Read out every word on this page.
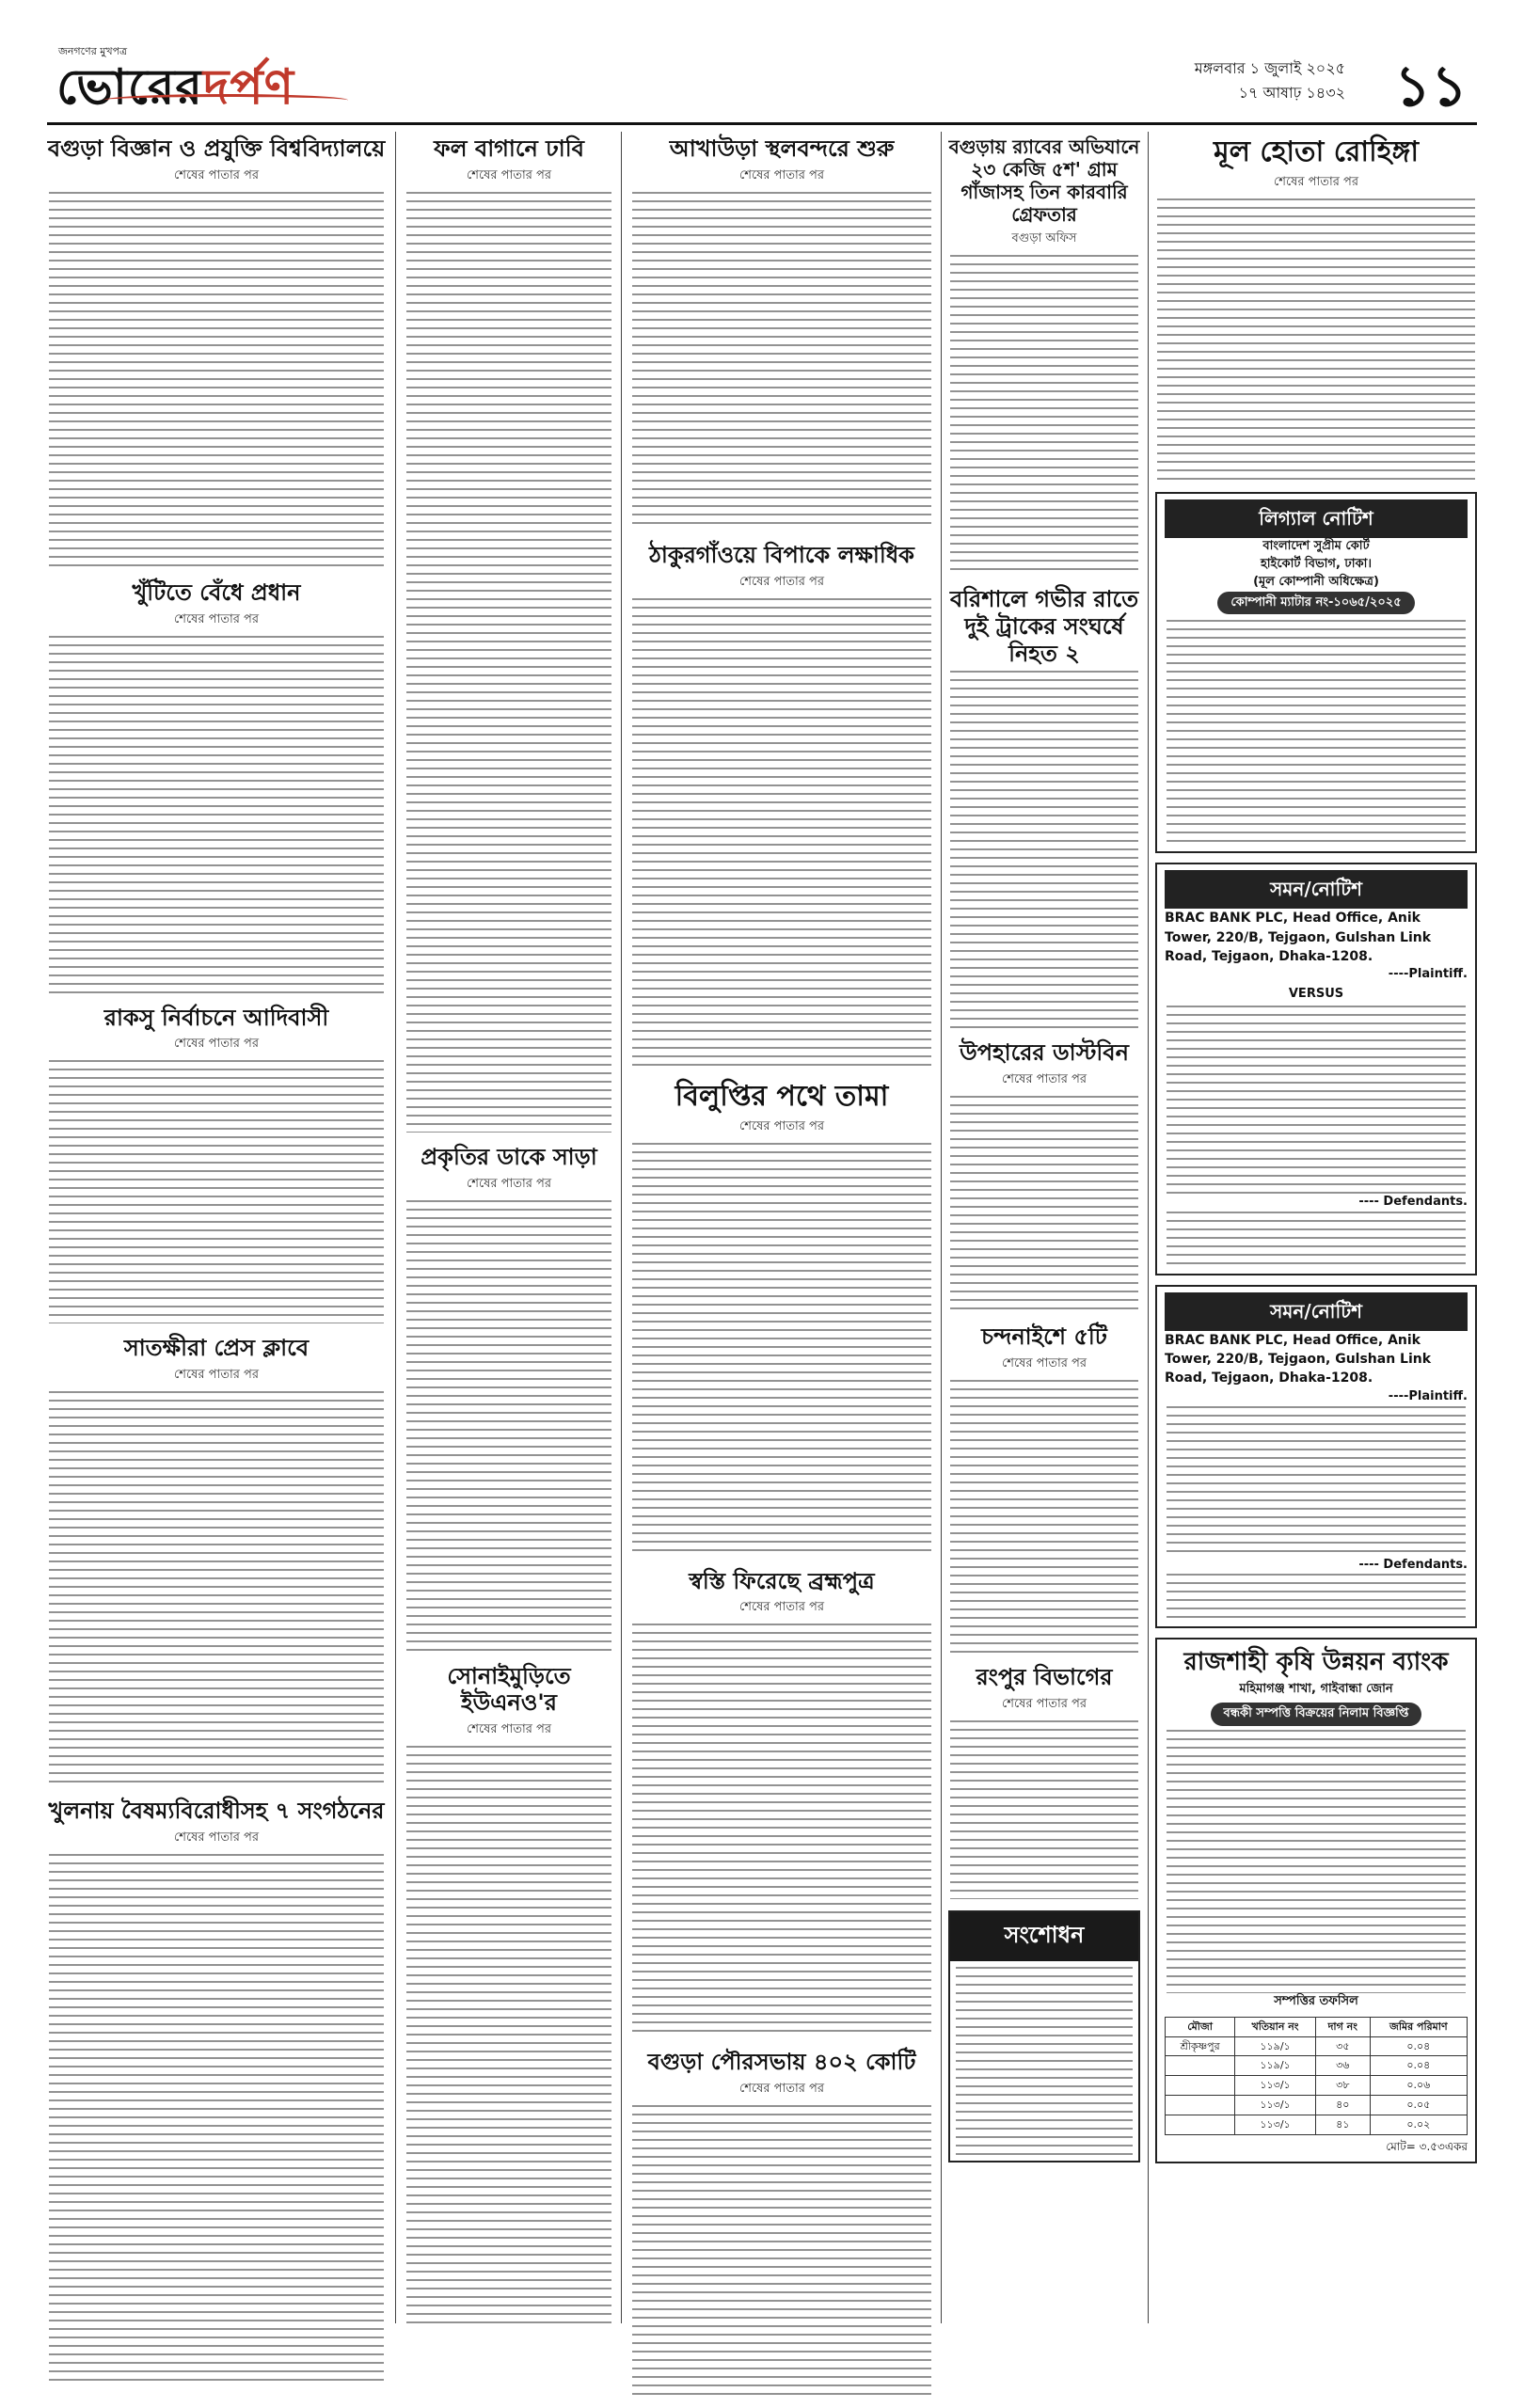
জনগণের মুখপত্র
ভোরেরদর্পণ	মঙ্গলবার ১ জুলাই ২০২৫
১৭ আষাঢ় ১৪৩২ ১১
বগুড়া বিজ্ঞান ও প্রযুক্তি বিশ্ববিদ্যালয়ে
শেষের পাতার পর
খুঁটিতে বেঁধে প্রধান
শেষের পাতার পর
রাকসু নির্বাচনে আদিবাসী
শেষের পাতার পর
সাতক্ষীরা প্রেস ক্লাবে
শেষের পাতার পর
খুলনায় বৈষম্যবিরোধীসহ ৭ সংগঠনের
শেষের পাতার পর
ফল বাগানে ঢাবি
শেষের পাতার পর
প্রকৃতির ডাকে সাড়া
শেষের পাতার পর
সোনাইমুড়িতে ইউএনও'র
শেষের পাতার পর
আখাউড়া স্থলবন্দরে শুরু
শেষের পাতার পর
ঠাকুরগাঁওয়ে বিপাকে লক্ষাধিক
শেষের পাতার পর
বিলুপ্তির পথে তামা
শেষের পাতার পর
স্বস্তি ফিরেছে ব্রহ্মপুত্র
শেষের পাতার পর
বগুড়া পৌরসভায় ৪০২ কোটি
শেষের পাতার পর
বগুড়ায় র‍্যাবের অভিযানে ২৩ কেজি ৫শ' গ্রাম গাঁজাসহ তিন কারবারি গ্রেফতার
বগুড়া অফিস
বরিশালে গভীর রাতে দুই ট্রাকের সংঘর্ষে নিহত ২
উপহারের ডাস্টবিন
শেষের পাতার পর
চন্দনাইশে ৫টি
শেষের পাতার পর
রংপুর বিভাগের
শেষের পাতার পর
সংশোধন
মূল হোতা রোহিঙ্গা
শেষের পাতার পর
লিগ্যাল নোটিশ
বাংলাদেশ সুপ্রীম কোর্ট
হাইকোর্ট বিভাগ, ঢাকা।
(মূল কোম্পানী অধিক্ষেত্র)
কোম্পানী ম্যাটার নং-১০৬৫/২০২৫
সমন/নোটিশ
BRAC BANK PLC, Head Office, Anik Tower, 220/B, Tejgaon, Gulshan Link Road, Tejgaon, Dhaka-1208.
----Plaintiff.
VERSUS
---- Defendants.
সমন/নোটিশ
BRAC BANK PLC, Head Office, Anik Tower, 220/B, Tejgaon, Gulshan Link Road, Tejgaon, Dhaka-1208.
----Plaintiff.
---- Defendants.
রাজশাহী কৃষি উন্নয়ন ব্যাংক
মহিমাগঞ্জ শাখা, গাইবান্ধা জোন
বন্ধকী সম্পত্তি বিক্রয়ের নিলাম বিজ্ঞপ্তি
সম্পত্তির তফসিল
মৌজা	খতিয়ান নং	দাগ নং	জমির পরিমাণ
শ্রীকৃষ্ণপুর	১১৯/১	৩৫	০.০৪
	১১৯/১	৩৬	০.০৪
	১১৩/১	৩৮	০.০৬
	১১৩/১	৪০	০.০৫
	১১৩/১	৪১	০.০২
মোট= ৩.৫৩একর
